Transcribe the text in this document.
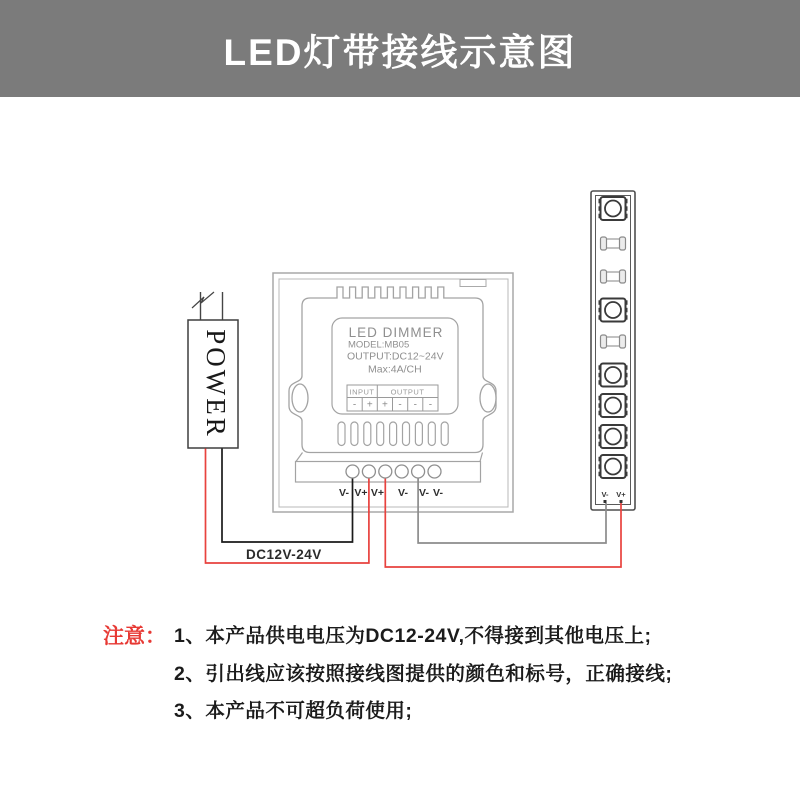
LED灯带接线示意图
LED DIMMER
MODEL:MB05
OUTPUT:DC12~24V
Max:4A/CH
INPUT OUTPUT
- + + - - -
POWER
V- V+ V+ V- V- V-	V- V+
DC12V-24V
注意： 1、本产品供电电压为DC12-24V,不得接到其他电压上;
2、引出线应该按照接线图提供的颜色和标号，正确接线;
3、本产品不可超负荷使用;
